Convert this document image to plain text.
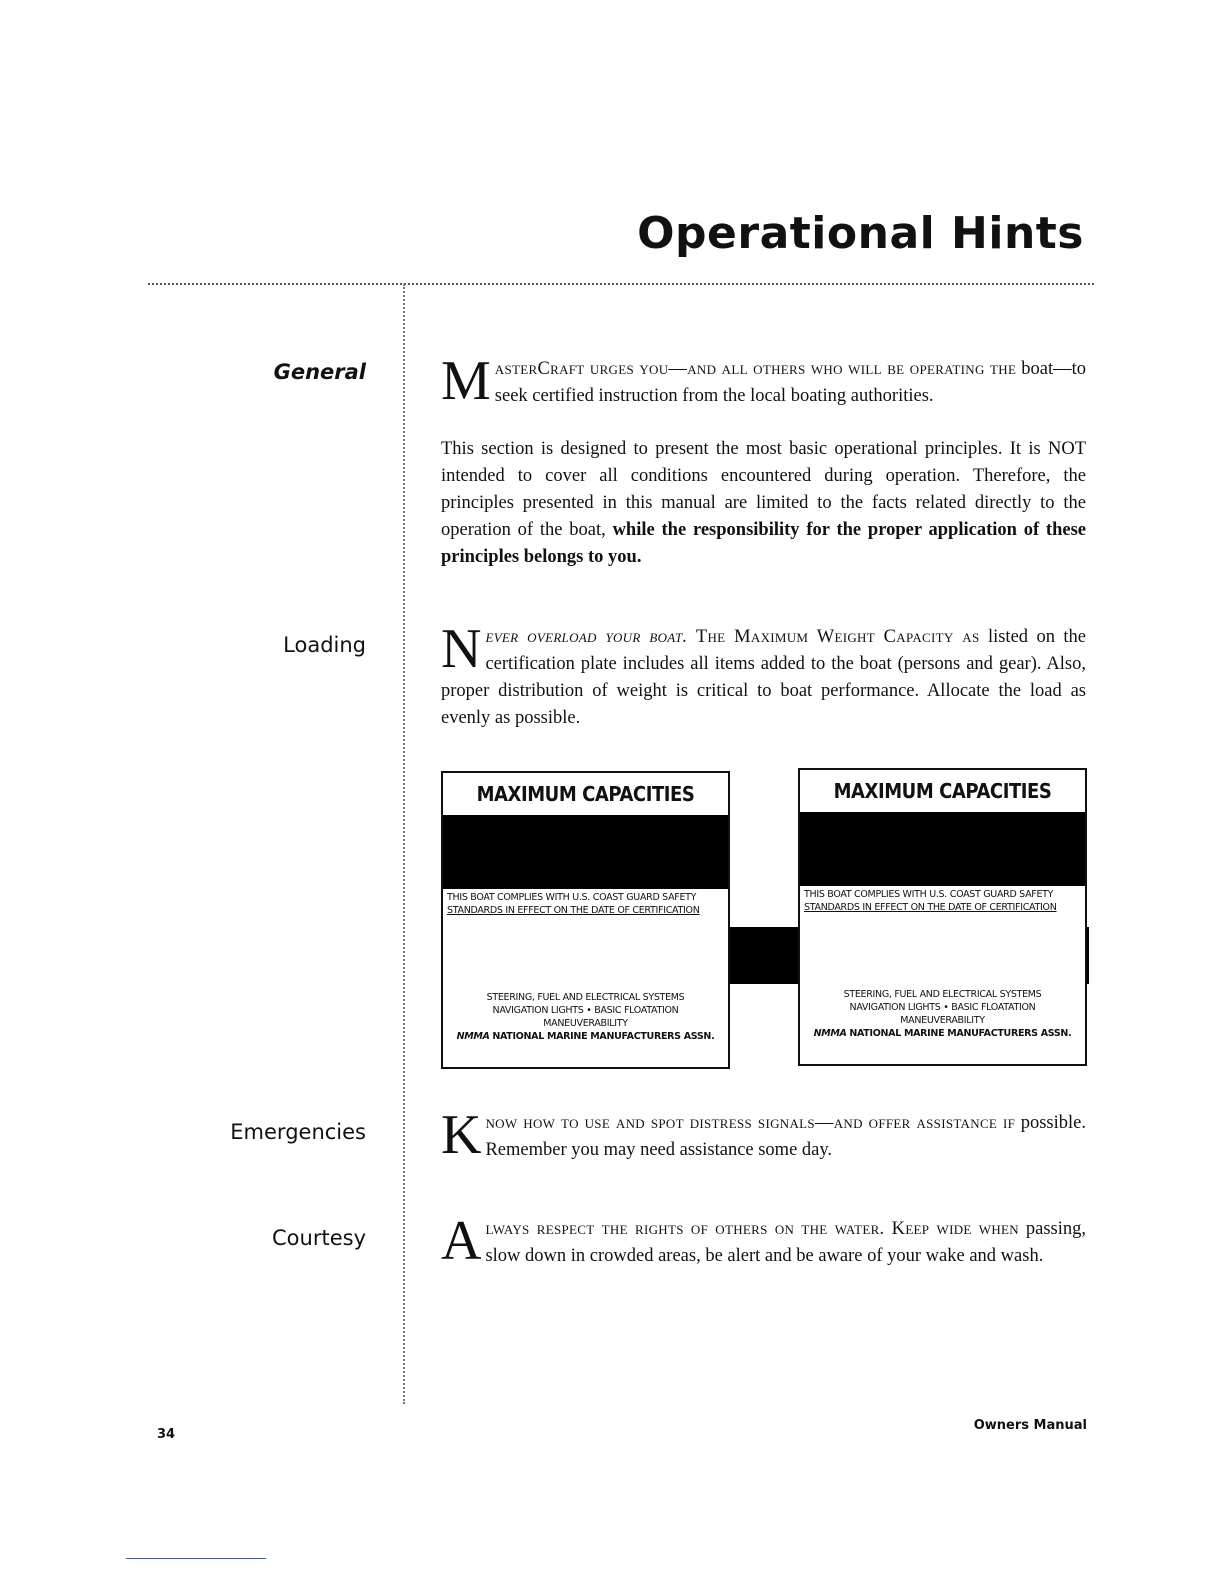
Operational Hints

General MasterCraft urges you—and all others who will be operating the boat—to seek certified instruction from the local boating authorities.

This section is designed to present the most basic operational principles. It is NOT intended to cover all conditions encountered during operation. Therefore, the principles presented in this manual are limited to the facts related directly to the operation of the boat, while the responsibility for the proper application of these principles belongs to you.

Loading Never overload your boat. The Maximum Weight Capacity as listed on the certification plate includes all items added to the boat (persons and gear). Also, proper distribution of weight is critical to boat performance. Allocate the load as evenly as possible.

MAXIMUM CAPACITIES
THIS BOAT COMPLIES WITH U.S. COAST GUARD SAFETY
STANDARDS IN EFFECT ON THE DATE OF CERTIFICATION
STEERING, FUEL AND ELECTRICAL SYSTEMS
NAVIGATION LIGHTS • BASIC FLOATATION
MANEUVERABILITY
NMMA NATIONAL MARINE MANUFACTURERS ASSN.
MAXIMUM CAPACITIES
THIS BOAT COMPLIES WITH U.S. COAST GUARD SAFETY
STANDARDS IN EFFECT ON THE DATE OF CERTIFICATION
STEERING, FUEL AND ELECTRICAL SYSTEMS
NAVIGATION LIGHTS • BASIC FLOATATION
MANEUVERABILITY
NMMA NATIONAL MARINE MANUFACTURERS ASSN.

Emergencies Know how to use and spot distress signals—and offer assistance if possible. Remember you may need assistance some day.

Courtesy Always respect the rights of others on the water. Keep wide when passing, slow down in crowded areas, be alert and be aware of your wake and wash.

34

Owners Manual
